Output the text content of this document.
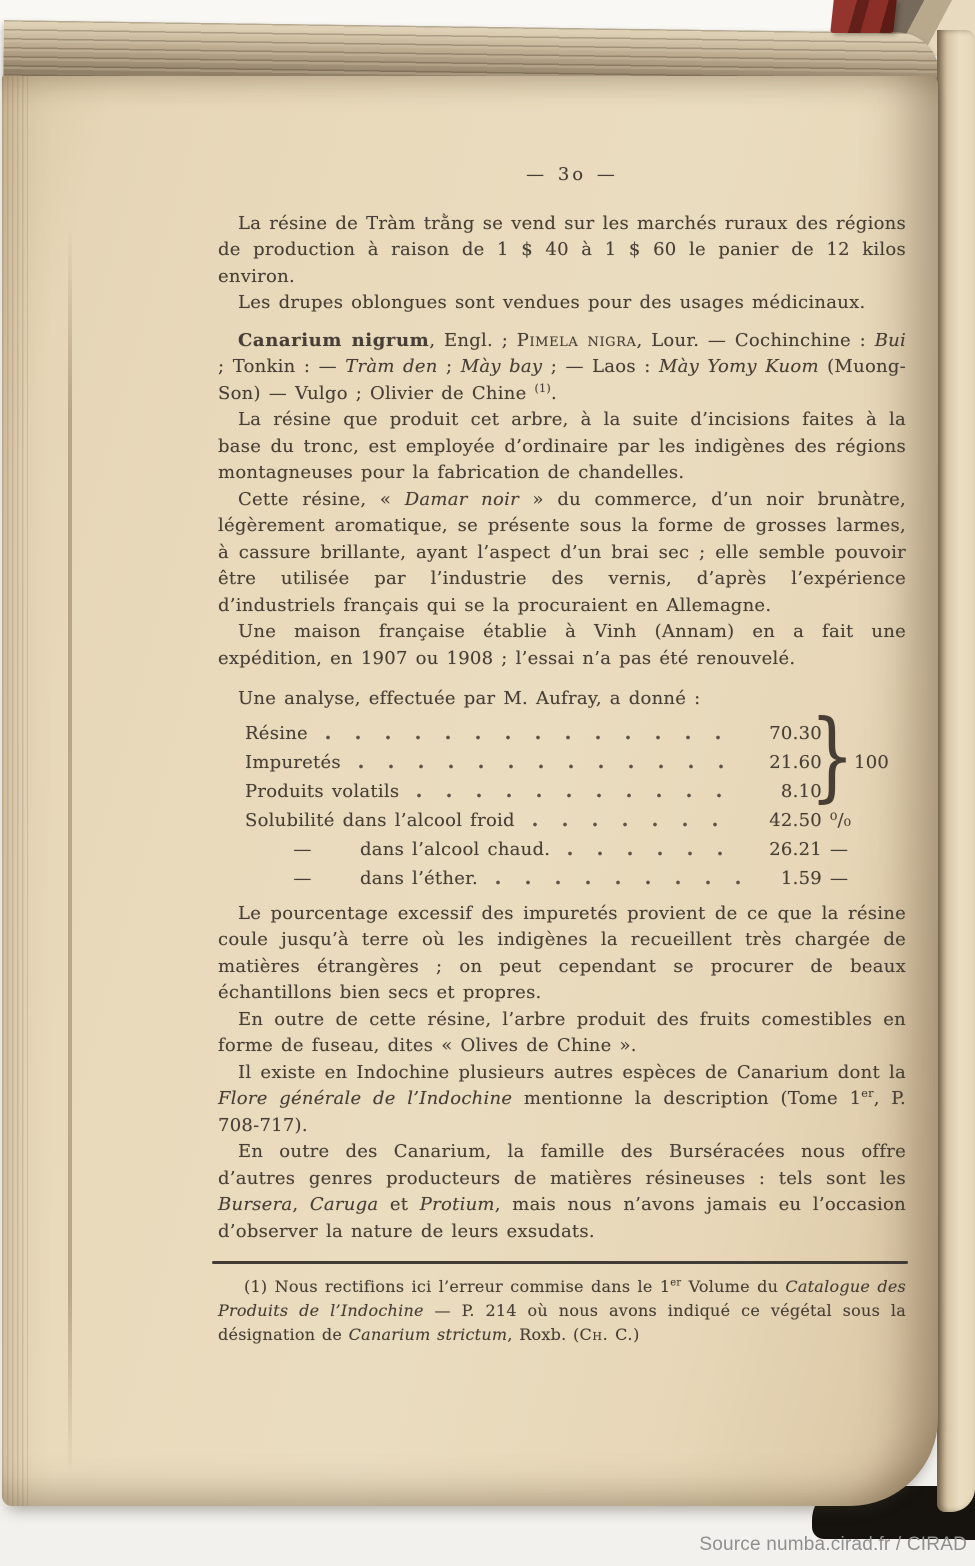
— 3o —

La résine de Tràm trằng se vend sur les marchés ruraux des régions de production à raison de 1 $ 40 à 1 $ 60 le panier de 12 kilos environ.

Les drupes oblongues sont vendues pour des usages médicinaux.

Canarium nigrum, Engl. ; Pimela nigra, Lour. — Cochinchine : Bui ; Tonkin : — Tràm den ; Mày bay ; — Laos : Mày Yomy Kuom (Muong-Son) — Vulgo ; Olivier de Chine $^{(1)}$.

La résine que produit cet arbre, à la suite d’incisions faites à la base du tronc, est employée d’ordinaire par les indigènes des régions montagneuses pour la fabrication de chandelles.

Cette résine, « Damar noir » du commerce, d’un noir brunàtre, légèrement aromatique, se présente sous la forme de grosses larmes, à cassure brillante, ayant l’aspect d’un brai sec ; elle semble pouvoir être utilisée par l’industrie des vernis, d’après l’expérience d’industriels français qui se la procuraient en Allemagne.

Une maison française établie à Vinh (Annam) en a fait une expédition, en 1907 ou 1908 ; l’essai n’a pas été renouvelé.

Une analyse, effectuée par M. Aufray, a donné :

Résine	70.30
Impuretés	21.60
Produits volatils	8.10
Solubilité dans l’alcool froid	42.50 ⁰/₀
—	dans l’alcool chaud.	26.21 —
—	dans l’éther.	1.59 —
} 100

Le pourcentage excessif des impuretés provient de ce que la résine coule jusqu’à terre où les indigènes la recueillent très chargée de matières étrangères ; on peut cependant se procurer de beaux échantillons bien secs et propres.

En outre de cette résine, l’arbre produit des fruits comestibles en forme de fuseau, dites « Olives de Chine ».

Il existe en Indochine plusieurs autres espèces de Canarium dont la Flore générale de l’Indochine mentionne la description (Tome 1er, P. 708-717).

En outre des Canarium, la famille des Burséracées nous offre d’autres genres producteurs de matières résineuses : tels sont les Bursera, Caruga et Protium, mais nous n’avons jamais eu l’occasion d’observer la nature de leurs exsudats.

(1) Nous rectifions ici l’erreur commise dans le 1er Volume du Catalogue des Produits de l’Indochine — P. 214 où nous avons indiqué ce végétal sous la désignation de Canarium strictum, Roxb. (Ch. C.)

Source numba.cirad.fr / CIRAD
